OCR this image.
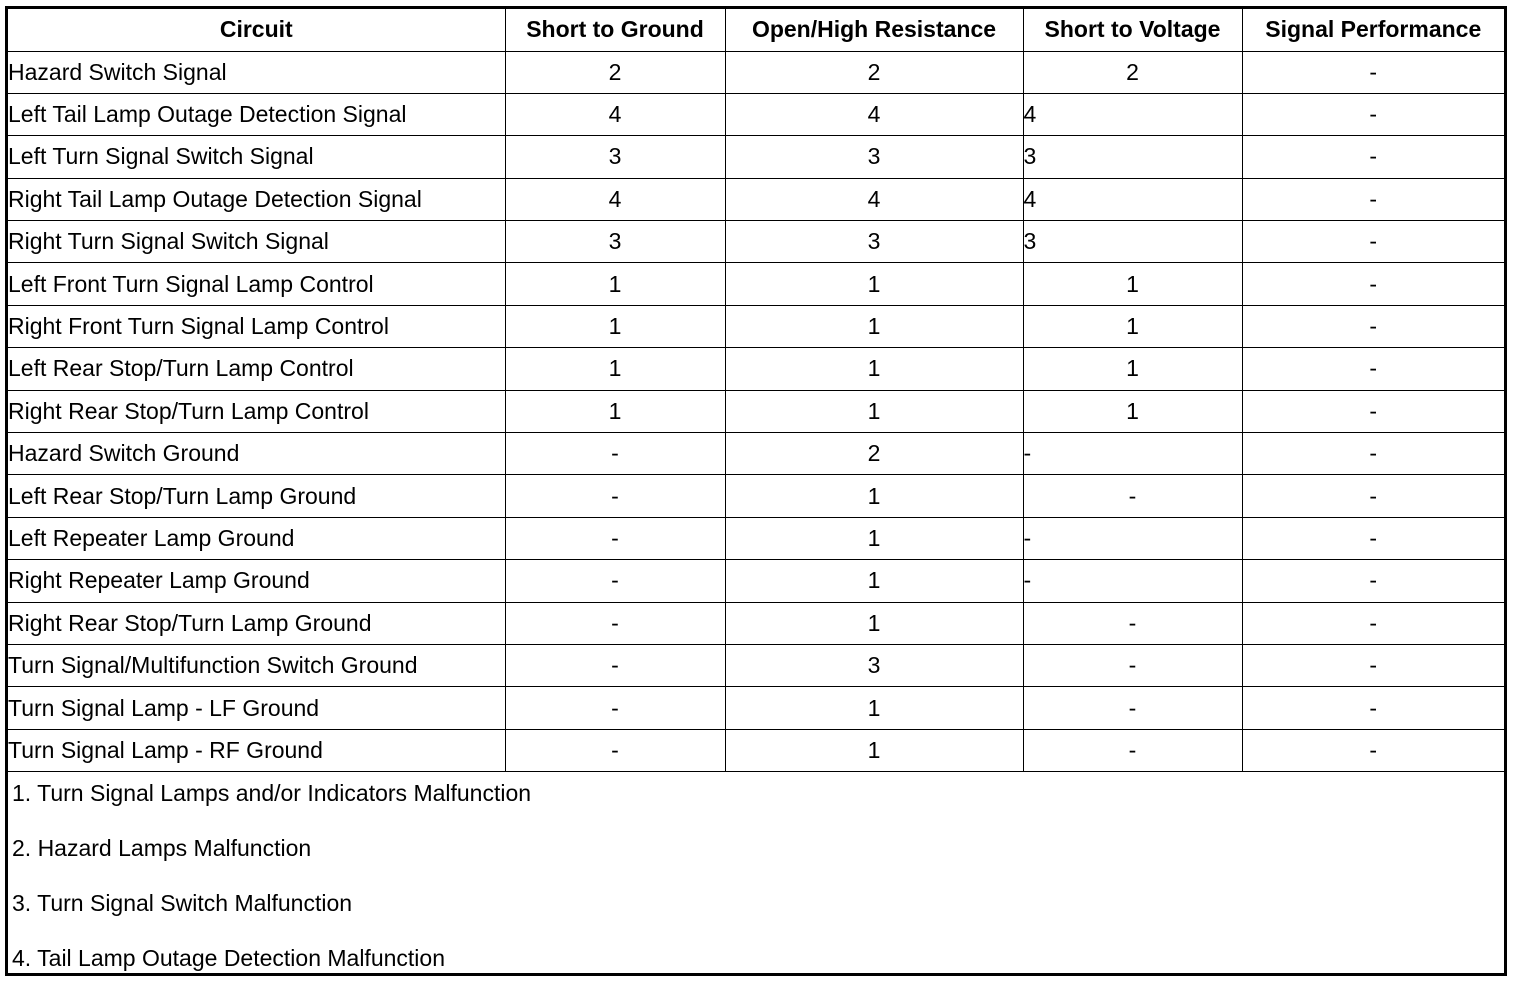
Circuit	Short to Ground	Open/High Resistance	Short to Voltage	Signal Performance
Hazard Switch Signal	2	2	2	-
Left Tail Lamp Outage Detection Signal	4	4	4	-
Left Turn Signal Switch Signal	3	3	3	-
Right Tail Lamp Outage Detection Signal	4	4	4	-
Right Turn Signal Switch Signal	3	3	3	-
Left Front Turn Signal Lamp Control	1	1	1	-
Right Front Turn Signal Lamp Control	1	1	1	-
Left Rear Stop/Turn Lamp Control	1	1	1	-
Right Rear Stop/Turn Lamp Control	1	1	1	-
Hazard Switch Ground	-	2	-	-
Left Rear Stop/Turn Lamp Ground	-	1	-	-
Left Repeater Lamp Ground	-	1	-	-
Right Repeater Lamp Ground	-	1	-	-
Right Rear Stop/Turn Lamp Ground	-	1	-	-
Turn Signal/Multifunction Switch Ground	-	3	-	-
Turn Signal Lamp - LF Ground	-	1	-	-
Turn Signal Lamp - RF Ground	-	1	-	-
1. Turn Signal Lamps and/or Indicators Malfunction
2. Hazard Lamps Malfunction
3. Turn Signal Switch Malfunction
4. Tail Lamp Outage Detection Malfunction
